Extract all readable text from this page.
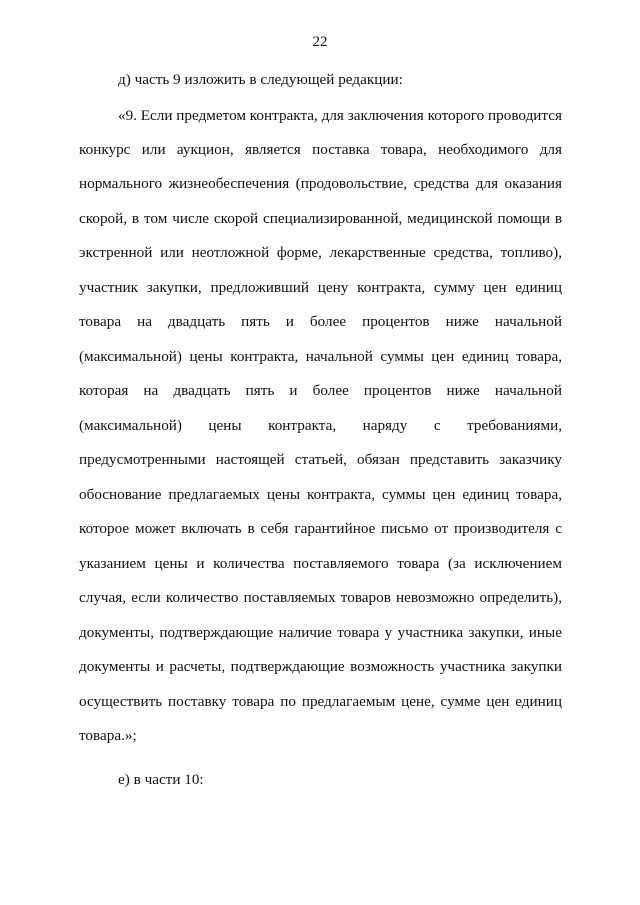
22
д) часть 9 изложить в следующей редакции:
«9. Если предметом контракта, для заключения которого проводится
конкурс или аукцион, является поставка товара, необходимого для
нормального жизнеобеспечения (продовольствие, средства для оказания
скорой, в том числе скорой специализированной, медицинской помощи в
экстренной или неотложной форме, лекарственные средства, топливо),
участник закупки, предложивший цену контракта, сумму цен единиц
товара на двадцать пять и более процентов ниже начальной
(максимальной) цены контракта, начальной суммы цен единиц товара,
которая на двадцать пять и более процентов ниже начальной
(максимальной) цены контракта, наряду с требованиями,
предусмотренными настоящей статьей, обязан представить заказчику
обоснование предлагаемых цены контракта, суммы цен единиц товара,
которое может включать в себя гарантийное письмо от производителя с
указанием цены и количества поставляемого товара (за исключением
случая, если количество поставляемых товаров невозможно определить),
документы, подтверждающие наличие товара у участника закупки, иные
документы и расчеты, подтверждающие возможность участника закупки
осуществить поставку товара по предлагаемым цене, сумме цен единиц
товара.»;
е) в части 10:
